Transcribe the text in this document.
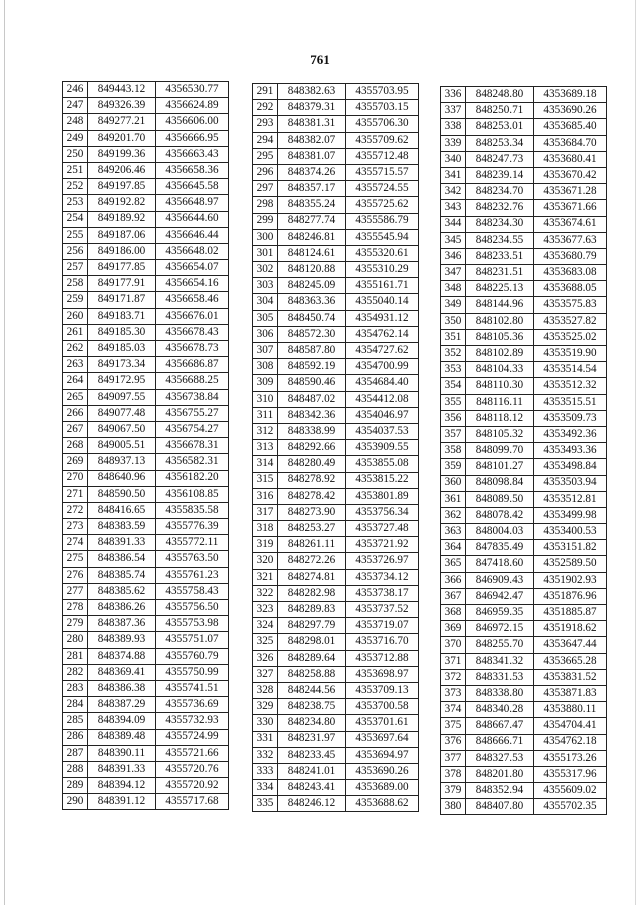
761
246	849443.12	4356530.77
247	849326.39	4356624.89
248	849277.21	4356606.00
249	849201.70	4356666.95
250	849199.36	4356663.43
251	849206.46	4356658.36
252	849197.85	4356645.58
253	849192.82	4356648.97
254	849189.92	4356644.60
255	849187.06	4356646.44
256	849186.00	4356648.02
257	849177.85	4356654.07
258	849177.91	4356654.16
259	849171.87	4356658.46
260	849183.71	4356676.01
261	849185.30	4356678.43
262	849185.03	4356678.73
263	849173.34	4356686.87
264	849172.95	4356688.25
265	849097.55	4356738.84
266	849077.48	4356755.27
267	849067.50	4356754.27
268	849005.51	4356678.31
269	848937.13	4356582.31
270	848640.96	4356182.20
271	848590.50	4356108.85
272	848416.65	4355835.58
273	848383.59	4355776.39
274	848391.33	4355772.11
275	848386.54	4355763.50
276	848385.74	4355761.23
277	848385.62	4355758.43
278	848386.26	4355756.50
279	848387.36	4355753.98
280	848389.93	4355751.07
281	848374.88	4355760.79
282	848369.41	4355750.99
283	848386.38	4355741.51
284	848387.29	4355736.69
285	848394.09	4355732.93
286	848389.48	4355724.99
287	848390.11	4355721.66
288	848391.33	4355720.76
289	848394.12	4355720.92
290	848391.12	4355717.68
291	848382.63	4355703.95
292	848379.31	4355703.15
293	848381.31	4355706.30
294	848382.07	4355709.62
295	848381.07	4355712.48
296	848374.26	4355715.57
297	848357.17	4355724.55
298	848355.24	4355725.62
299	848277.74	4355586.79
300	848246.81	4355545.94
301	848124.61	4355320.61
302	848120.88	4355310.29
303	848245.09	4355161.71
304	848363.36	4355040.14
305	848450.74	4354931.12
306	848572.30	4354762.14
307	848587.80	4354727.62
308	848592.19	4354700.99
309	848590.46	4354684.40
310	848487.02	4354412.08
311	848342.36	4354046.97
312	848338.99	4354037.53
313	848292.66	4353909.55
314	848280.49	4353855.08
315	848278.92	4353815.22
316	848278.42	4353801.89
317	848273.90	4353756.34
318	848253.27	4353727.48
319	848261.11	4353721.92
320	848272.26	4353726.97
321	848274.81	4353734.12
322	848282.98	4353738.17
323	848289.83	4353737.52
324	848297.79	4353719.07
325	848298.01	4353716.70
326	848289.64	4353712.88
327	848258.88	4353698.97
328	848244.56	4353709.13
329	848238.75	4353700.58
330	848234.80	4353701.61
331	848231.97	4353697.64
332	848233.45	4353694.97
333	848241.01	4353690.26
334	848243.41	4353689.00
335	848246.12	4353688.62
336	848248.80	4353689.18
337	848250.71	4353690.26
338	848253.01	4353685.40
339	848253.34	4353684.70
340	848247.73	4353680.41
341	848239.14	4353670.42
342	848234.70	4353671.28
343	848232.76	4353671.66
344	848234.30	4353674.61
345	848234.55	4353677.63
346	848233.51	4353680.79
347	848231.51	4353683.08
348	848225.13	4353688.05
349	848144.96	4353575.83
350	848102.80	4353527.82
351	848105.36	4353525.02
352	848102.89	4353519.90
353	848104.33	4353514.54
354	848110.30	4353512.32
355	848116.11	4353515.51
356	848118.12	4353509.73
357	848105.32	4353492.36
358	848099.70	4353493.36
359	848101.27	4353498.84
360	848098.84	4353503.94
361	848089.50	4353512.81
362	848078.42	4353499.98
363	848004.03	4353400.53
364	847835.49	4353151.82
365	847418.60	4352589.50
366	846909.43	4351902.93
367	846942.47	4351876.96
368	846959.35	4351885.87
369	846972.15	4351918.62
370	848255.70	4353647.44
371	848341.32	4353665.28
372	848331.53	4353831.52
373	848338.80	4353871.83
374	848340.28	4353880.11
375	848667.47	4354704.41
376	848666.71	4354762.18
377	848327.53	4355173.26
378	848201.80	4355317.96
379	848352.94	4355609.02
380	848407.80	4355702.35
